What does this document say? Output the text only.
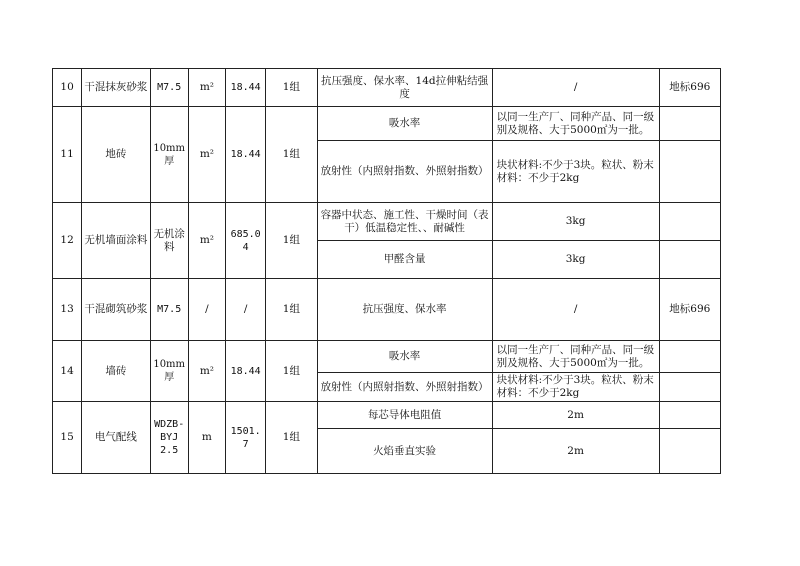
10	干混抹灰砂浆	M7.5	m²	18.44	1组	抗压强度、保水率、14d拉伸粘结强度	/	地标696
11	地砖	10mm厚	m²	18.44	1组	吸水率	以同一生产厂、同种产品、同一级别及规格、大于5000㎡为一批。	
						放射性（内照射指数、外照射指数）	块状材料:不少于3块。粒状、粉末材料：不少于2kg	
12	无机墙面涂料	无机涂料	m²	685.04	1组	容器中状态、施工性、干燥时间（表干）低温稳定性、、耐碱性	3kg	
						甲醛含量	3kg	
13	干混砌筑砂浆	M7.5	/	/	1组	抗压强度、保水率	/	地标696
14	墙砖	10mm厚	m²	18.44	1组	吸水率	以同一生产厂、同种产品、同一级别及规格、大于5000㎡为一批。	
						放射性（内照射指数、外照射指数）	块状材料:不少于3块。粒状、粉末材料：不少于2kg	
15	电气配线	WDZB-BYJ 2.5	m	1501.7	1组	每芯导体电阻值	2m	
						火焰垂直实验	2m	
